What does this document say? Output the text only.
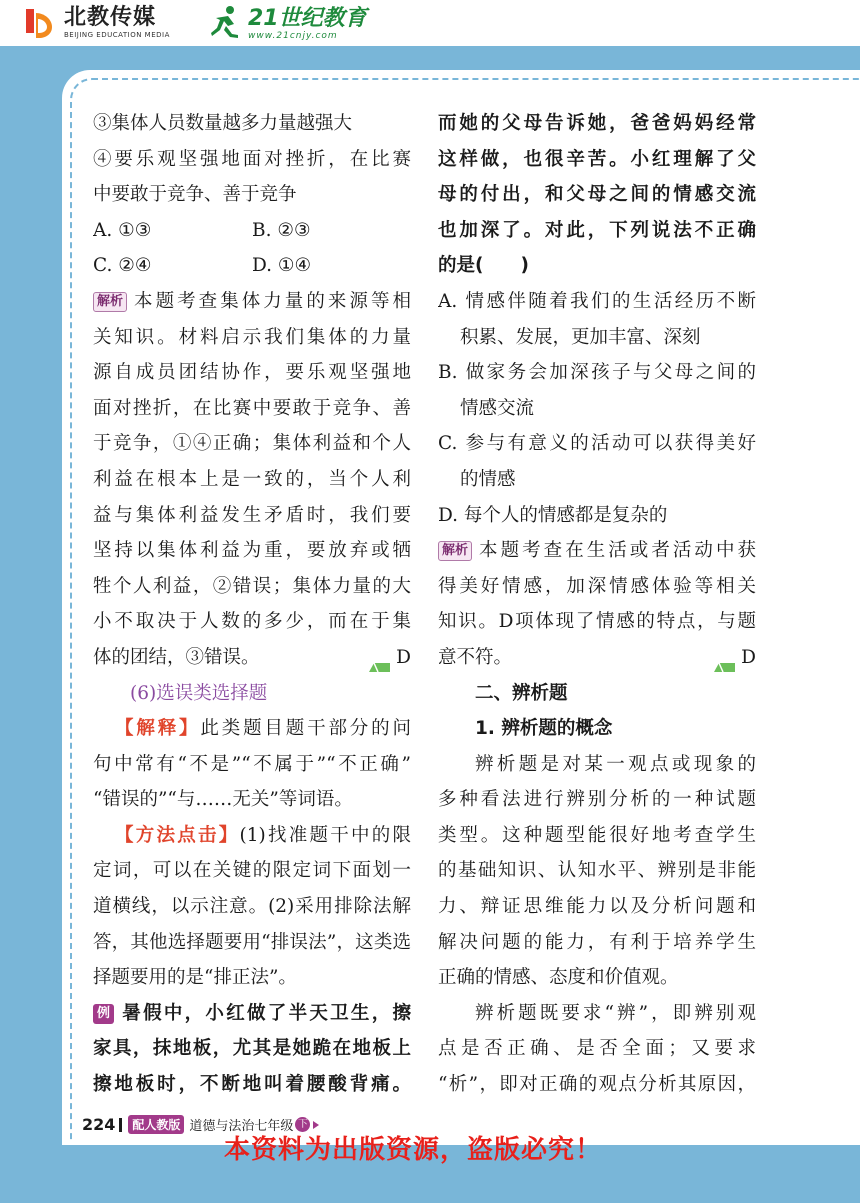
北教传媒
BEIJING EDUCATION MEDIA
21世纪教育
www.21cnjy.com
③集体人员数量越多力量越强大
④要乐观坚强地面对挫折，在比赛
中要敢于竞争、善于竞争
A. ①③	B. ②③
C. ②④	D. ①④
解析 本题考查集体力量的来源等相
关知识。材料启示我们集体的力量
源自成员团结协作，要乐观坚强地
面对挫折，在比赛中要敢于竞争、善
于竞争，①④正确；集体利益和个人
利益在根本上是一致的，当个人利
益与集体利益发生矛盾时，我们要
坚持以集体利益为重，要放弃或牺
牲个人利益，②错误；集体力量的大
小不取决于人数的多少，而在于集
体的团结，③错误。	D
(6)选误类选择题
【解释】此类题目题干部分的问
句中常有“不是”“不属于”“不正确”
“错误的”“与……无关”等词语。
【方法点击】(1)找准题干中的限
定词，可以在关键的限定词下面划一
道横线，以示注意。(2)采用排除法解
答，其他选择题要用“排误法”，这类选
择题要用的是“排正法”。
例 暑假中，小红做了半天卫生，擦
家具，抹地板，尤其是她跪在地板上
擦地板时，不断地叫着腰酸背痛。
而她的父母告诉她，爸爸妈妈经常
这样做，也很辛苦。小红理解了父
母的付出，和父母之间的情感交流
也加深了。对此，下列说法不正确
的是(　　)
A. 情感伴随着我们的生活经历不断
积累、发展，更加丰富、深刻
B. 做家务会加深孩子与父母之间的
情感交流
C. 参与有意义的活动可以获得美好
的情感
D. 每个人的情感都是复杂的
解析 本题考查在生活或者活动中获
得美好情感，加深情感体验等相关
知识。D项体现了情感的特点，与题
意不符。	D
二、辨析题
1. 辨析题的概念
辨析题是对某一观点或现象的
多种看法进行辨别分析的一种试题
类型。这种题型能很好地考查学生
的基础知识、认知水平、辨别是非能
力、辩证思维能力以及分析问题和
解决问题的能力，有利于培养学生
正确的情感、态度和价值观。
辨析题既要求“辨”，即辨别观
点是否正确、是否全面；又要求
“析”，即对正确的观点分析其原因，
224	配人教版 道德与法治七年级 下
本资料为出版资源，盗版必究！
